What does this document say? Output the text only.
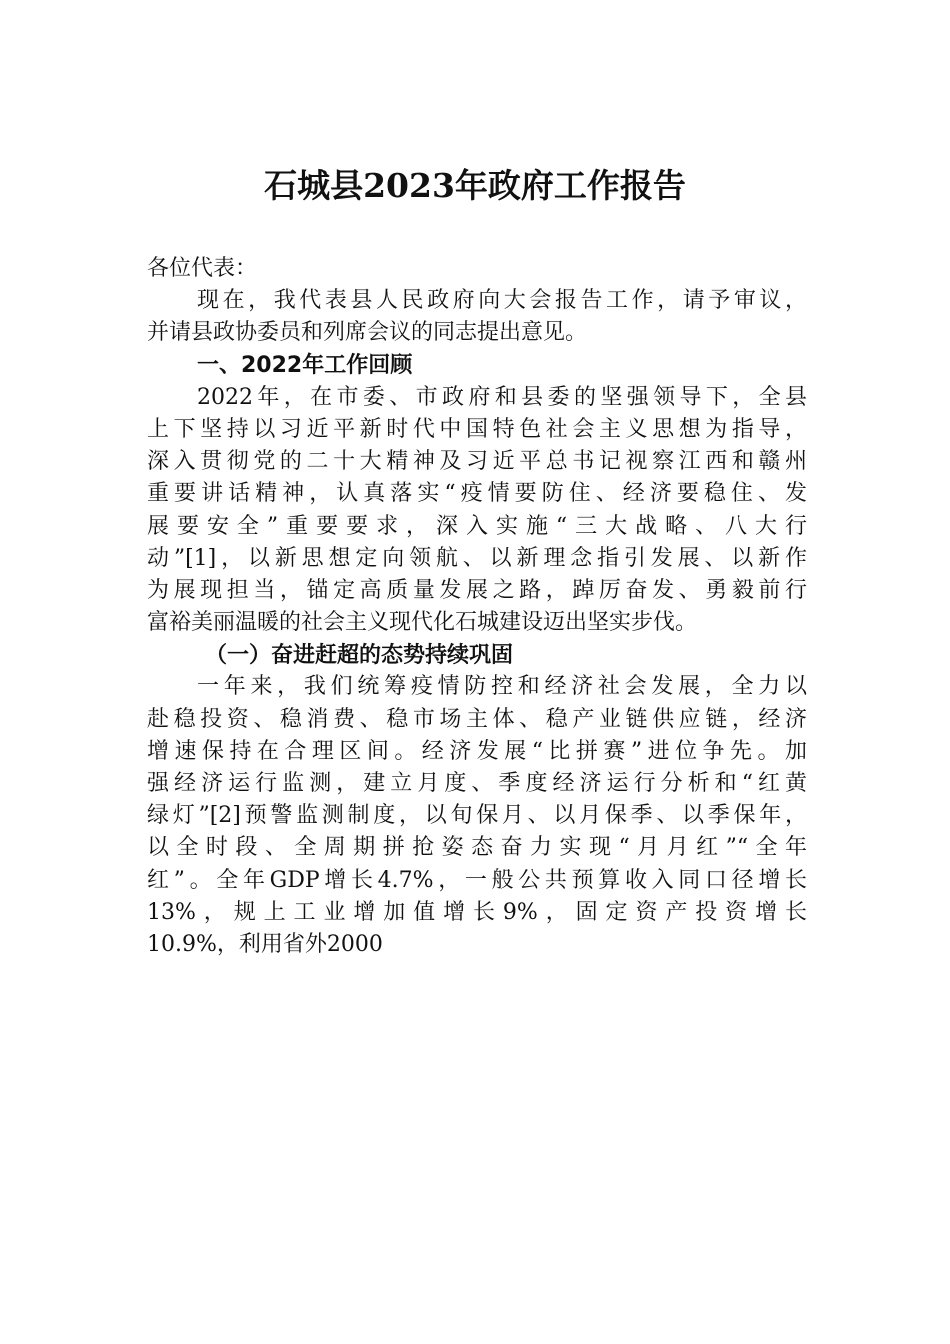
石城县2023年政府工作报告
各位代表：
现在，我代表县人民政府向大会报告工作，请予审议，
并请县政协委员和列席会议的同志提出意见。
一、2022年工作回顾
2022年，在市委、市政府和县委的坚强领导下，全县
上下坚持以习近平新时代中国特色社会主义思想为指导，
深入贯彻党的二十大精神及习近平总书记视察江西和赣州
重要讲话精神，认真落实“疫情要防住、经济要稳住、发
展要安全”重要要求，深入实施“三大战略、八大行
动”[1]，以新思想定向领航、以新理念指引发展、以新作
为展现担当，锚定高质量发展之路，踔厉奋发、勇毅前行
富裕美丽温暖的社会主义现代化石城建设迈出坚实步伐。
（一）奋进赶超的态势持续巩固
一年来，我们统筹疫情防控和经济社会发展，全力以
赴稳投资、稳消费、稳市场主体、稳产业链供应链，经济
增速保持在合理区间。经济发展“比拼赛”进位争先。加
强经济运行监测，建立月度、季度经济运行分析和“红黄
绿灯”[2]预警监测制度，以旬保月、以月保季、以季保年，
以全时段、全周期拼抢姿态奋力实现“月月红”“全年
红”。全年GDP增长4.7%，一般公共预算收入同口径增长
13%，规上工业增加值增长9%，固定资产投资增长
10.9%，利用省外2000
